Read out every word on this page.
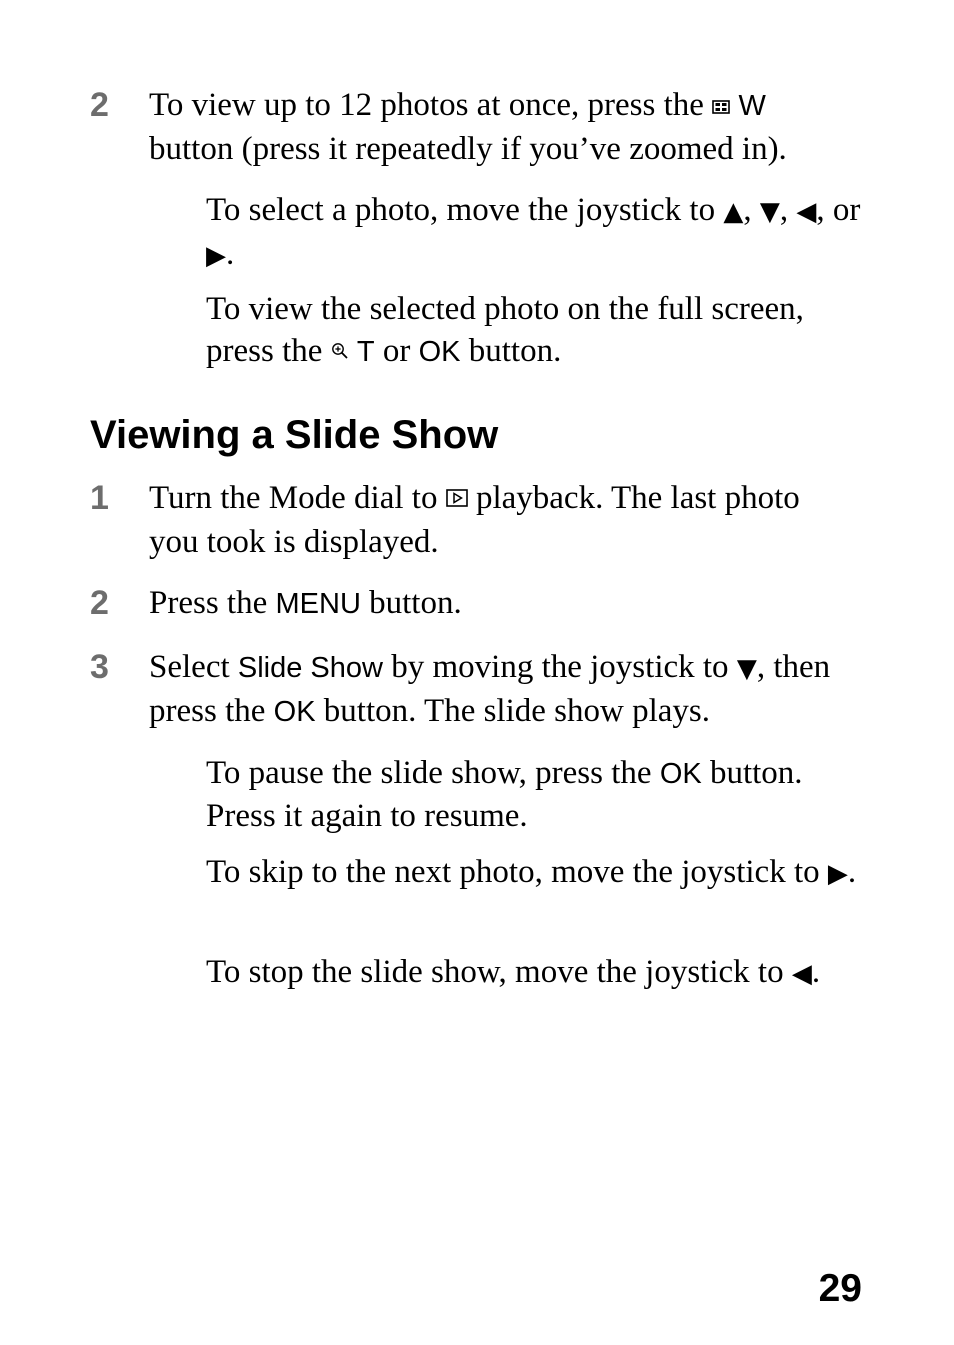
2 To view up to 12 photos at once, press the W button (press it repeatedly if you’ve zoomed in).
To select a photo, move the joystick to ▲, ▼, ◀, or ▶.
To view the selected photo on the full screen, press the T or OK button.
Viewing a Slide Show
1 Turn the Mode dial to playback. The last photo you took is displayed.
2 Press the MENU button.
3 Select Slide Show by moving the joystick to ▼, then press the OK button. The slide show plays.
To pause the slide show, press the OK button. Press it again to resume.
To skip to the next photo, move the joystick to ▶.
To stop the slide show, move the joystick to ◀.
29
